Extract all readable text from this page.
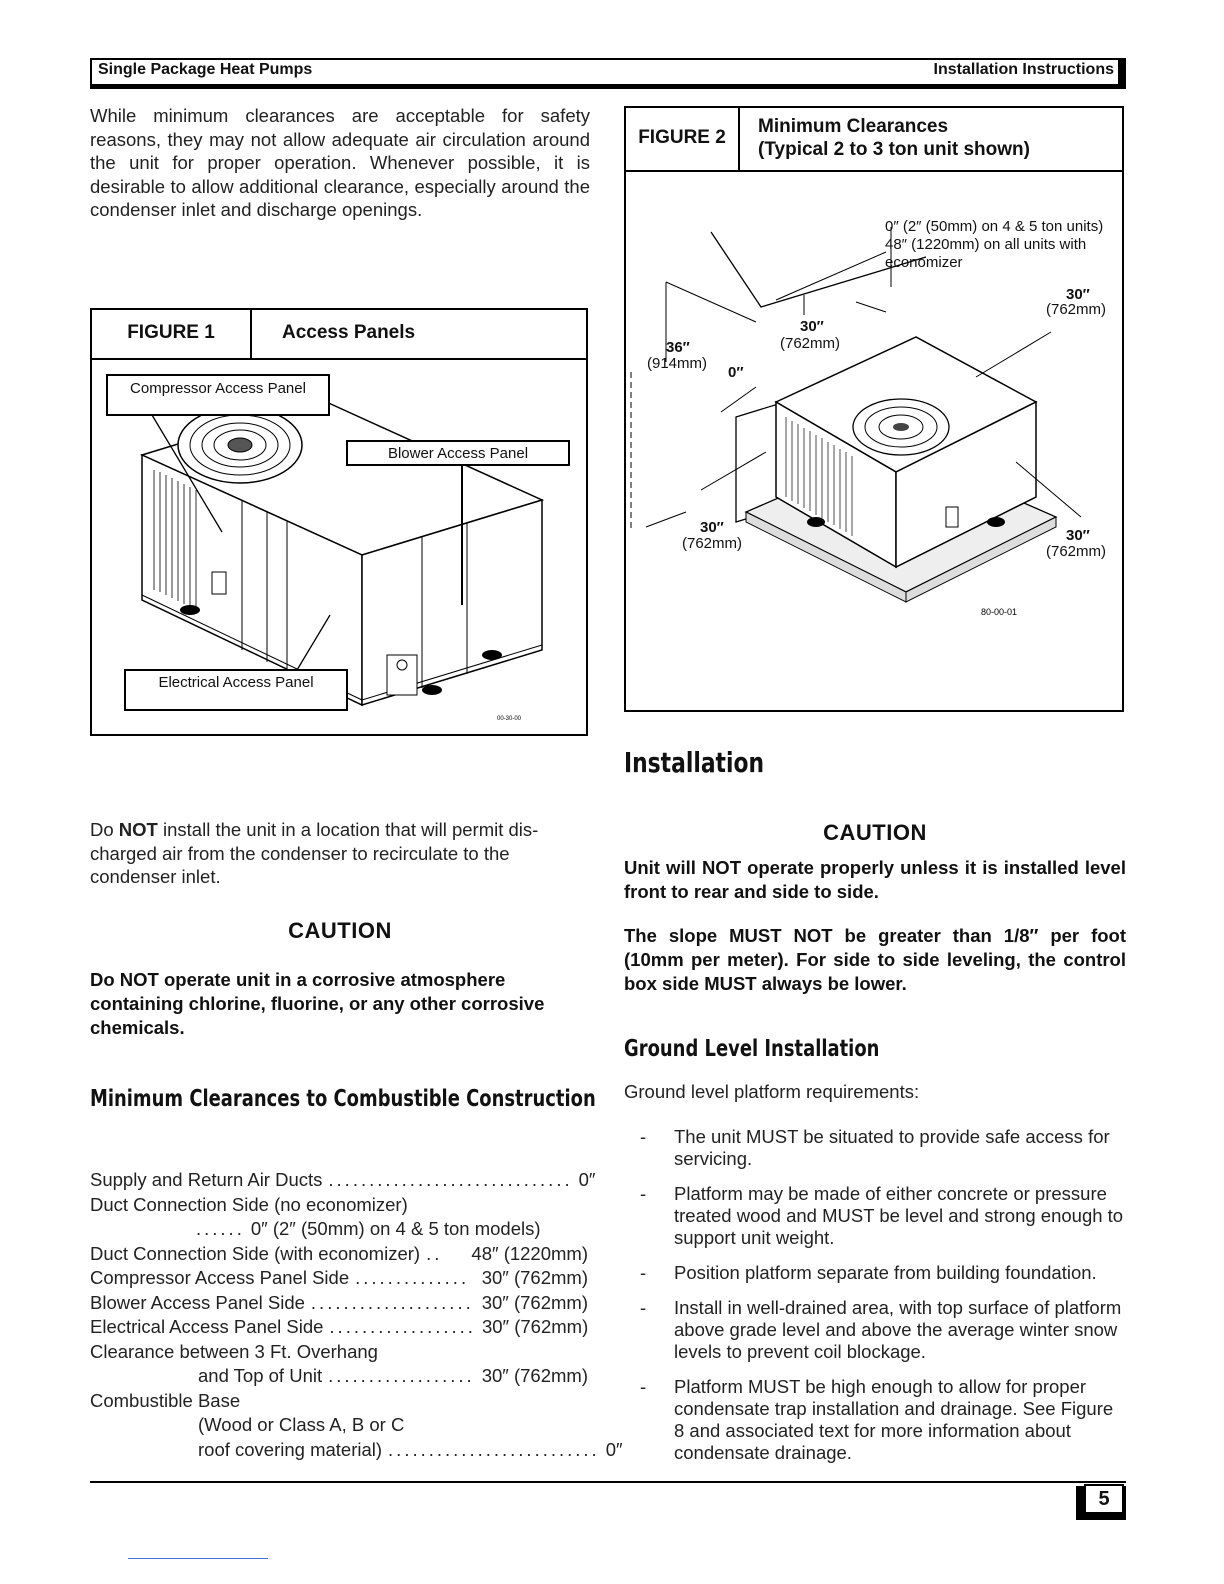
Single Package Heat Pumps	Installation Instructions
While minimum clearances are acceptable for safety reasons, they may not allow adequate air circulation around the unit for proper operation. Whenever possible, it is desirable to allow additional clearance, especially around the condenser inlet and discharge openings.
FIGURE 1	Access Panels
00-30-00
Compressor Access Panel
Blower Access Panel
Electrical Access Panel
FIGURE 2
Minimum Clearances
(Typical 2 to 3 ton unit shown)
80-00-01
0″ (2″ (50mm) on 4 & 5 ton units)
48″ (1220mm) on all units with
economizer
30″
(762mm)
30″
(762mm)
36″
(914mm)
0″
30″
(762mm)	30″
(762mm)
Installation
Do NOT install the unit in a location that will permit dis- charged air from the condenser to recirculate to the condenser inlet.
CAUTION
Do NOT operate unit in a corrosive atmosphere containing chlorine, fluorine, or any other corrosive chemicals.
Minimum Clearances to Combustible Construction
Supply and Return Air Ducts .............................. 0″
Duct Connection Side (no economizer)
...... 0″ (2″ (50mm) on 4 & 5 ton models)
Duct Connection Side (with economizer) ..	48″ (1220mm)
Compressor Access Panel Side .............. 30″ (762mm)
Blower Access Panel Side .................... 30″ (762mm)
Electrical Access Panel Side .................. 30″ (762mm)
Clearance between 3 Ft. Overhang
and Top of Unit .................. 30″ (762mm)
Combustible Base
(Wood or Class A, B or C
roof covering material) .......................... 0″
CAUTION
Unit will NOT operate properly unless it is installed level front to rear and side to side.
The slope MUST NOT be greater than 1/8″ per foot (10mm per meter). For side to side leveling, the control box side MUST always be lower.
Ground Level Installation
Ground level platform requirements:
- The unit MUST be situated to provide safe access for servicing.
- Platform may be made of either concrete or pressure treated wood and MUST be level and strong enough to support unit weight.
- Position platform separate from building foundation.
- Install in well-drained area, with top surface of platform above grade level and above the average winter snow levels to prevent coil blockage.
- Platform MUST be high enough to allow for proper condensate trap installation and drainage. See Figure 8 and associated text for more information about condensate drainage.
5
